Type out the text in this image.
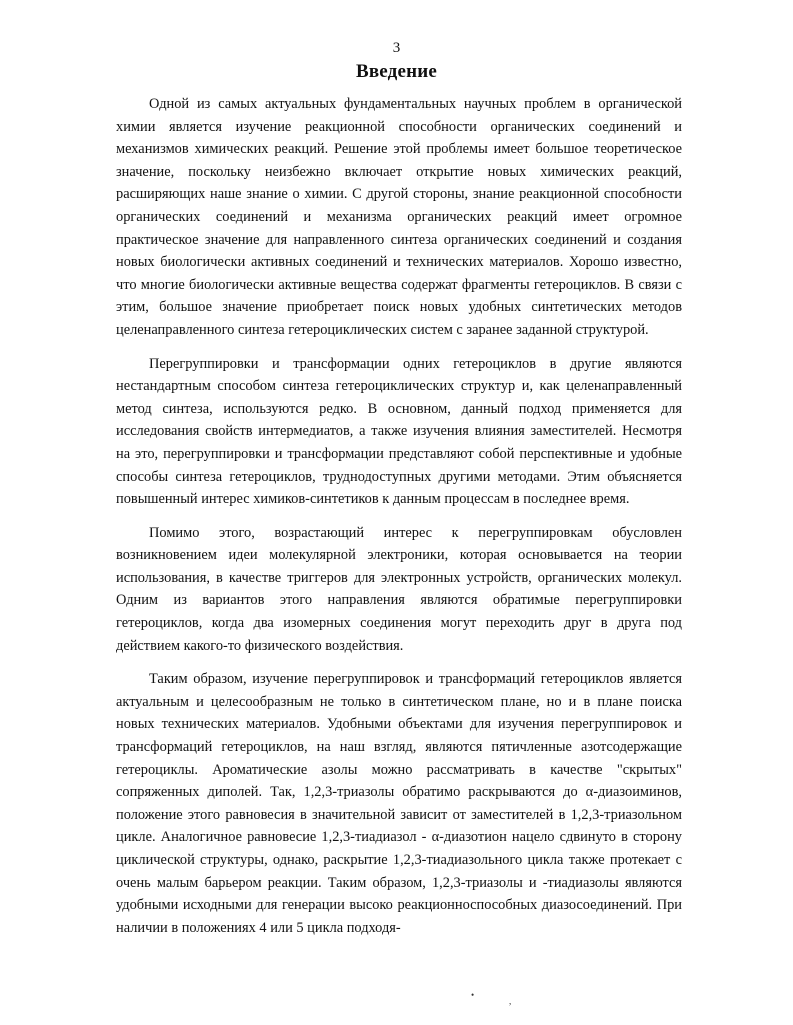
3
Введение

Одной из самых актуальных фундаментальных научных проблем в органической химии является изучение реакционной способности органических соединений и механизмов химических реакций. Решение этой проблемы имеет большое теоретическое значение, поскольку неизбежно включает открытие новых химических реакций, расширяющих наше знание о химии. С другой стороны, знание реакционной способности органических соединений и механизма органических реакций имеет огромное практическое значение для направленного синтеза органических соединений и создания новых биологически активных соединений и технических материалов. Хорошо известно, что многие биологически активные вещества содержат фрагменты гетероциклов. В связи с этим, большое значение приобретает поиск новых удобных синтетических методов целенаправленного синтеза гетероциклических систем с заранее заданной структурой.

Перегруппировки и трансформации одних гетероциклов в другие являются нестандартным способом синтеза гетероциклических структур и, как целенаправленный метод синтеза, используются редко. В основном, данный подход применяется для исследования свойств интермедиатов, а также изучения влияния заместителей. Несмотря на это, перегруппировки и трансформации представляют собой перспективные и удобные способы синтеза гетероциклов, труднодоступных другими методами. Этим объясняется повышенный интерес химиков-синтетиков к данным процессам в последнее время.

Помимо этого, возрастающий интерес к перегруппировкам обусловлен возникновением идеи молекулярной электроники, которая основывается на теории использования, в качестве триггеров для электронных устройств, органических молекул. Одним из вариантов этого направления являются обратимые перегруппировки гетероциклов, когда два изомерных соединения могут переходить друг в друга под действием какого-то физического воздействия.

Таким образом, изучение перегруппировок и трансформаций гетероциклов является актуальным и целесообразным не только в синтетическом плане, но и в плане поиска новых технических материалов. Удобными объектами для изучения перегруппировок и трансформаций гетероциклов, на наш взгляд, являются пятичленные азотсодержащие гетероциклы. Ароматические азолы можно рассматривать в качестве "скрытых" сопряженных диполей. Так, 1,2,3-триазолы обратимо раскрываются до α-диазоиминов, положение этого равновесия в значительной зависит от заместителей в 1,2,3-триазольном цикле. Аналогичное равновесие 1,2,3-тиадиазол - α-диазотион нацело сдвинуто в сторону циклической структуры, однако, раскрытие 1,2,3-тиадиазольного цикла также протекает с очень малым барьером реакции. Таким образом, 1,2,3-триазолы и -тиадиазолы являются удобными исходными для генерации высоко реакционноспособных диазосоединений. При наличии в положениях 4 или 5 цикла подходя-

•
,
